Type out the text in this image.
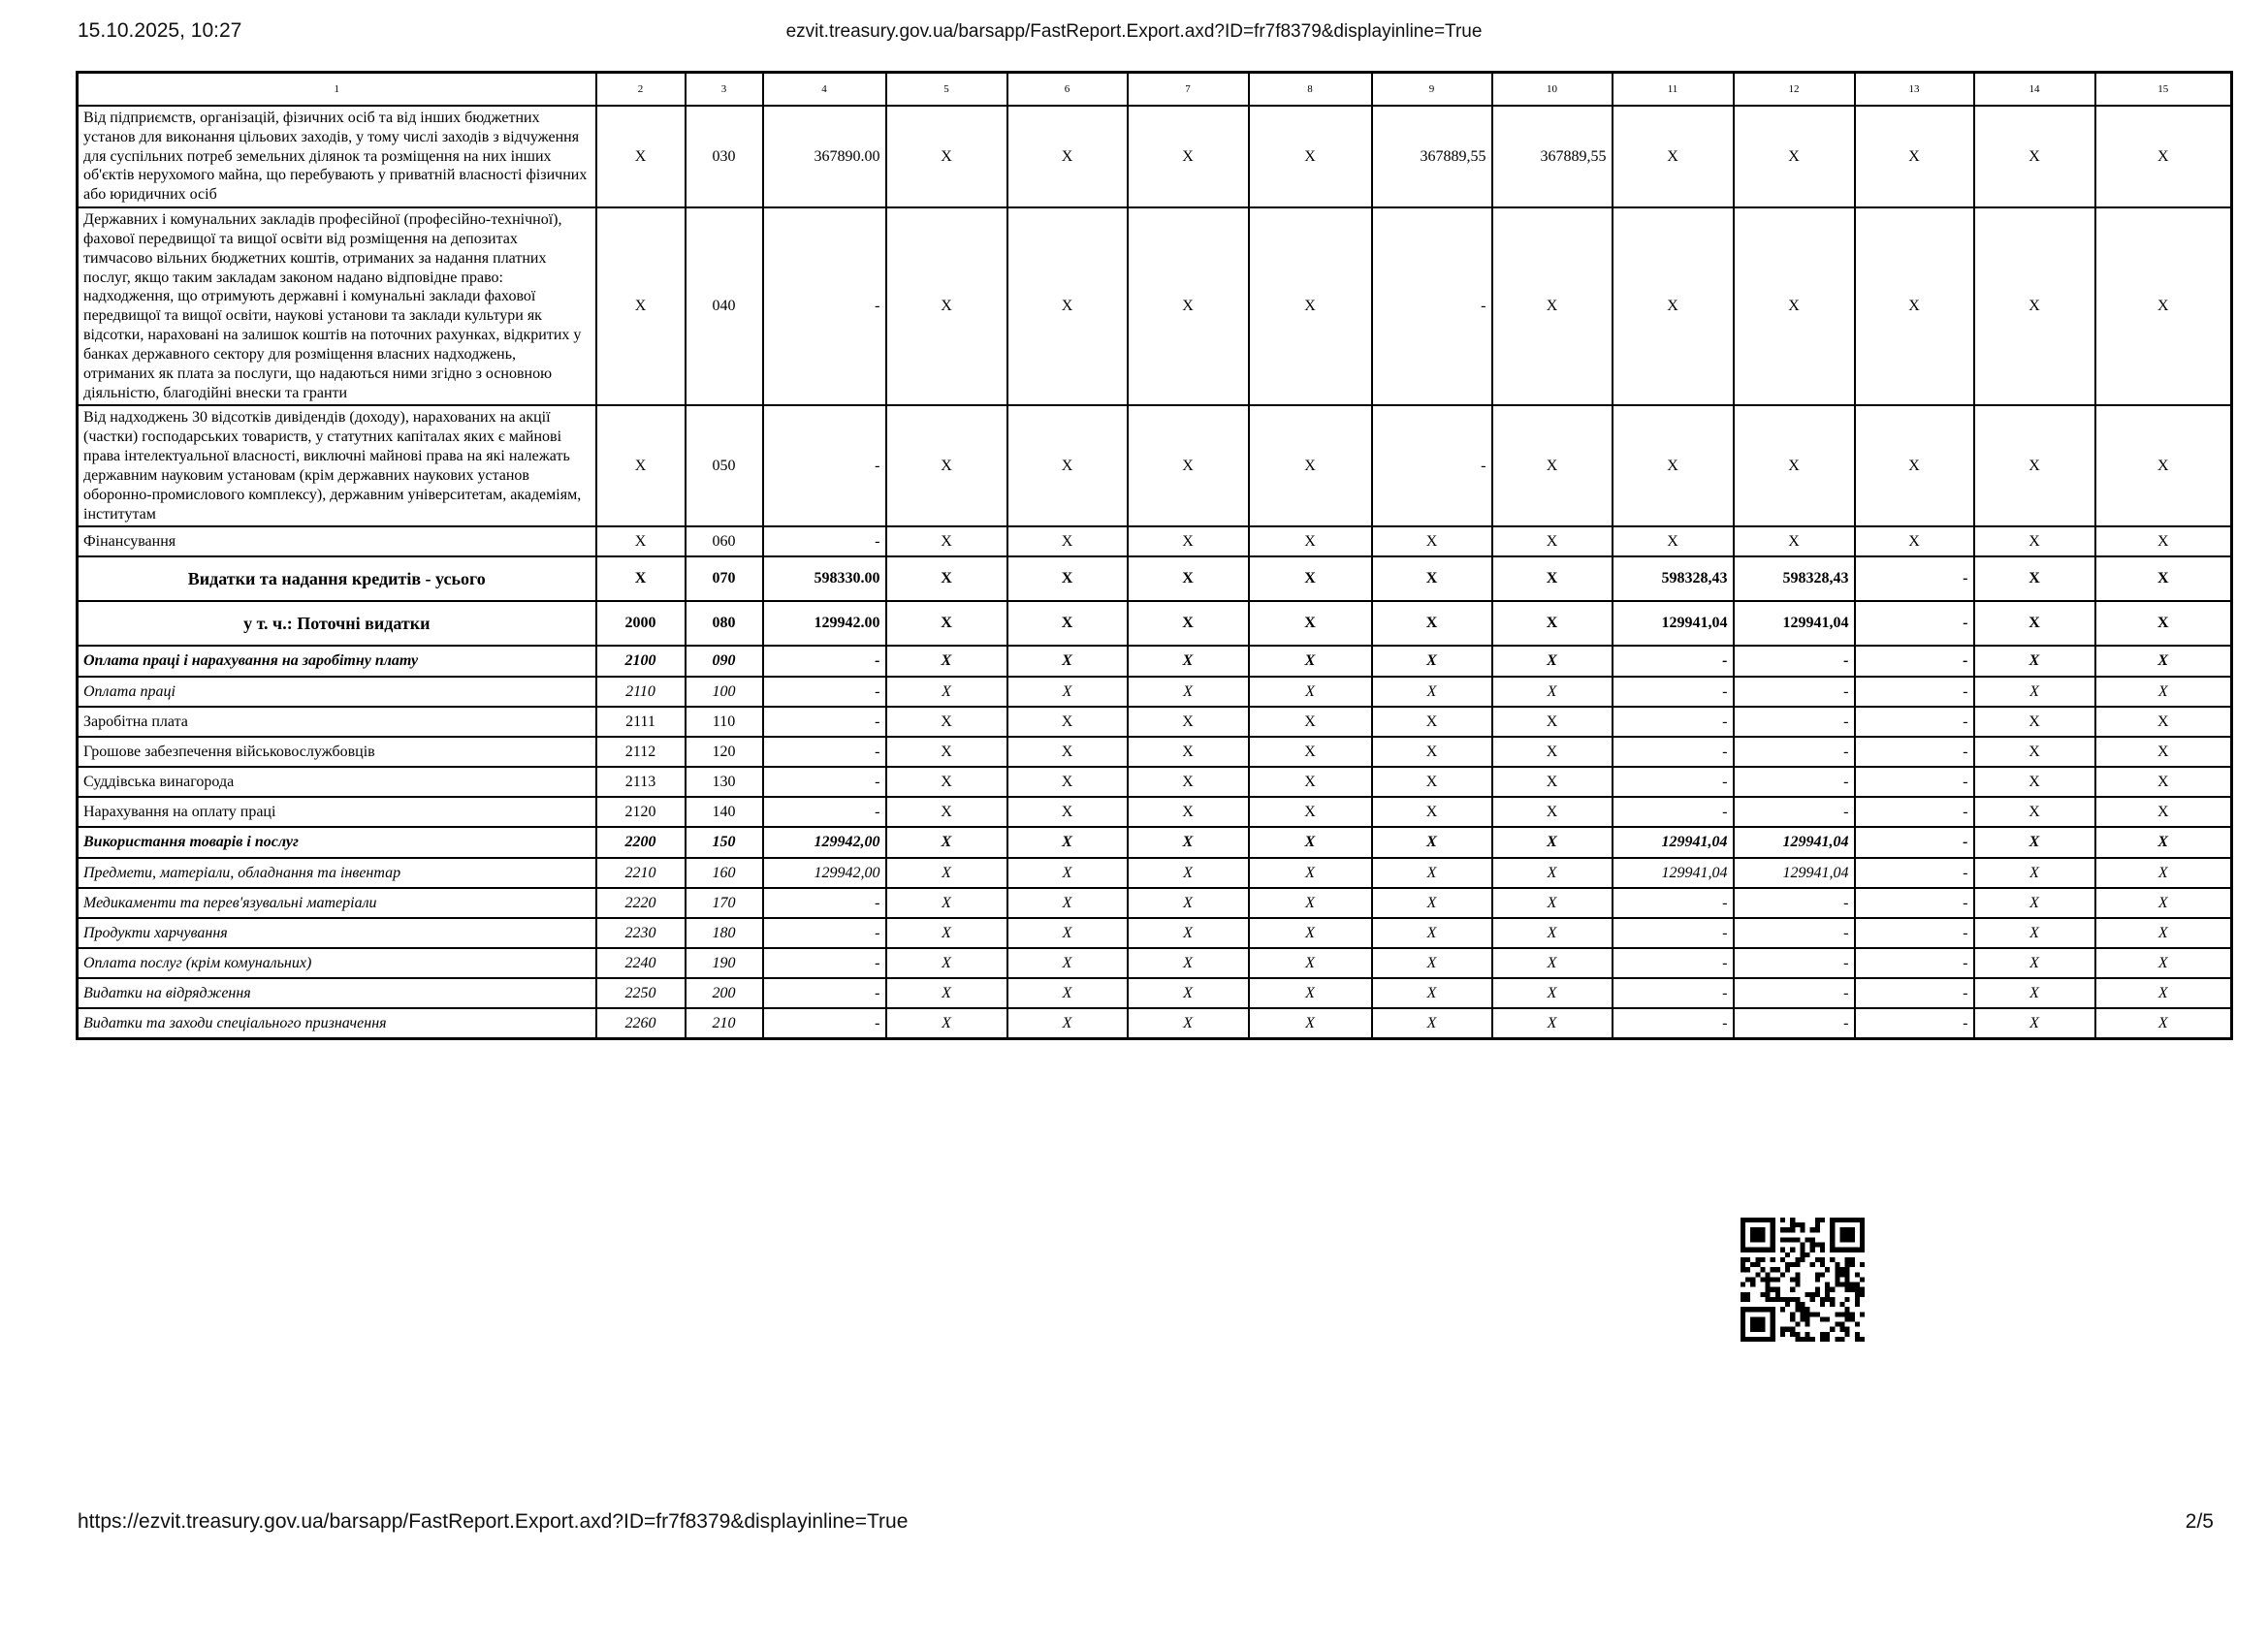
15.10.2025, 10:27	ezvit.treasury.gov.ua/barsapp/FastReport.Export.axd?ID=fr7f8379&displayinline=True
1	2	3	4	5	6	7	8	9	10	11	12	13	14	15
Від підприємств, організацій, фізичних осіб та від інших бюджетних установ для виконання цільових заходів, у тому числі заходів з відчуження для суспільних потреб земельних ділянок та розміщення на них інших об'єктів нерухомого майна, що перебувають у приватній власності фізичних або юридичних осіб	X	030	367890.00	X	X	X	X	367889,55	367889,55	X	X	X	X	X
Державних і комунальних закладів професійної (професійно-технічної), фахової передвищої та вищої освіти від розміщення на депозитах тимчасово вільних бюджетних коштів, отриманих за надання платних послуг, якщо таким закладам законом надано відповідне право: надходження, що отримують державні і комунальні заклади фахової передвищої та вищої освіти, наукові установи та заклади культури як відсотки, нараховані на залишок коштів на поточних рахунках, відкритих у банках державного сектору для розміщення власних надходжень, отриманих як плата за послуги, що надаються ними згідно з основною діяльністю, благодійні внески та гранти	X	040	-	X	X	X	X	-	X	X	X	X	X	X
Від надходжень 30 відсотків дивідендів (доходу), нарахованих на акції (частки) господарських товариств, у статутних капіталах яких є майнові права інтелектуальної власності, виключні майнові права на які належать державним науковим установам (крім державних наукових установ оборонно-промислового комплексу), державним університетам, академіям, інститутам	X	050	-	X	X	X	X	-	X	X	X	X	X	X
Фінансування	X	060	-	X	X	X	X	X	X	X	X	X	X	X
Видатки та надання кредитів - усього	X	070	598330.00	X	X	X	X	X	X	598328,43	598328,43	-	X	X
у т. ч.: Поточні видатки	2000	080	129942.00	X	X	X	X	X	X	129941,04	129941,04	-	X	X
Оплата праці і нарахування на заробітну плату	2100	090	-	X	X	X	X	X	X	-	-	-	X	X
Оплата праці	2110	100	-	X	X	X	X	X	X	-	-	-	X	X
Заробітна плата	2111	110	-	X	X	X	X	X	X	-	-	-	X	X
Грошове забезпечення військовослужбовців	2112	120	-	X	X	X	X	X	X	-	-	-	X	X
Суддівська винагорода	2113	130	-	X	X	X	X	X	X	-	-	-	X	X
Нарахування на оплату праці	2120	140	-	X	X	X	X	X	X	-	-	-	X	X
Використання товарів і послуг	2200	150	129942,00	X	X	X	X	X	X	129941,04	129941,04	-	X	X
Предмети, матеріали, обладнання та інвентар	2210	160	129942,00	X	X	X	X	X	X	129941,04	129941,04	-	X	X
Медикаменти та перев'язувальні матеріали	2220	170	-	X	X	X	X	X	X	-	-	-	X	X
Продукти харчування	2230	180	-	X	X	X	X	X	X	-	-	-	X	X
Оплата послуг (крім комунальних)	2240	190	-	X	X	X	X	X	X	-	-	-	X	X
Видатки на відрядження	2250	200	-	X	X	X	X	X	X	-	-	-	X	X
Видатки та заходи спеціального призначення	2260	210	-	X	X	X	X	X	X	-	-	-	X	X
https://ezvit.treasury.gov.ua/barsapp/FastReport.Export.axd?ID=fr7f8379&displayinline=True	2/5
